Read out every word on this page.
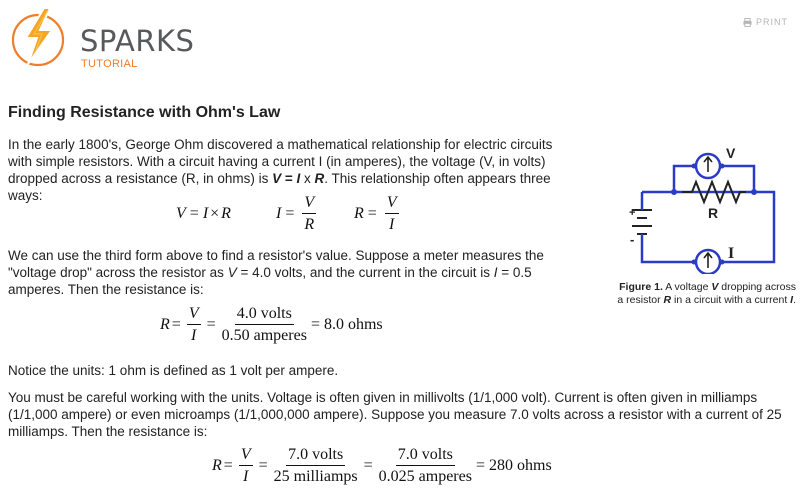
SPARKS
TUTORIAL
PRINT
Finding Resistance with Ohm's Law

In the early 1800's, George Ohm discovered a mathematical relationship for electric circuits with simple resistors. With a circuit having a current I (in amperes), the voltage (V, in volts) dropped across a resistance (R, in ohms) is V = I x R. This relationship often appears three ways:

V = I × R	$I = \frac{V}{R}$ $R = \frac{V}{I}$

We can use the third form above to find a resistor's value. Suppose a meter measures the "voltage drop" across the resistor as V = 4.0 volts, and the current in the circuit is I = 0.5 amperes. Then the resistance is:

$R = \frac{V}{I} = \frac{\text{4.0 volts}}{\text{0.50 amperes}} = 8.0$ ohms

Notice the units: 1 ohm is defined as 1 volt per ampere.

You must be careful working with the units. Voltage is often given in millivolts (1/1,000 volt). Current is often given in milliamps (1/1,000 ampere) or even microamps (1/1,000,000 ampere). Suppose you measure 7.0 volts across a resistor with a current of 25 milliamps. Then the resistance is:

$R = \frac{V}{I} = \frac{\text{7.0 volts}}{\text{25 milliamps}} = \frac{\text{7.0 volts}}{\text{0.025 amperes}} = 280$ ohms
+
-
V
R
I

Figure 1. A voltage V dropping across a resistor R in a circuit with a current I.
